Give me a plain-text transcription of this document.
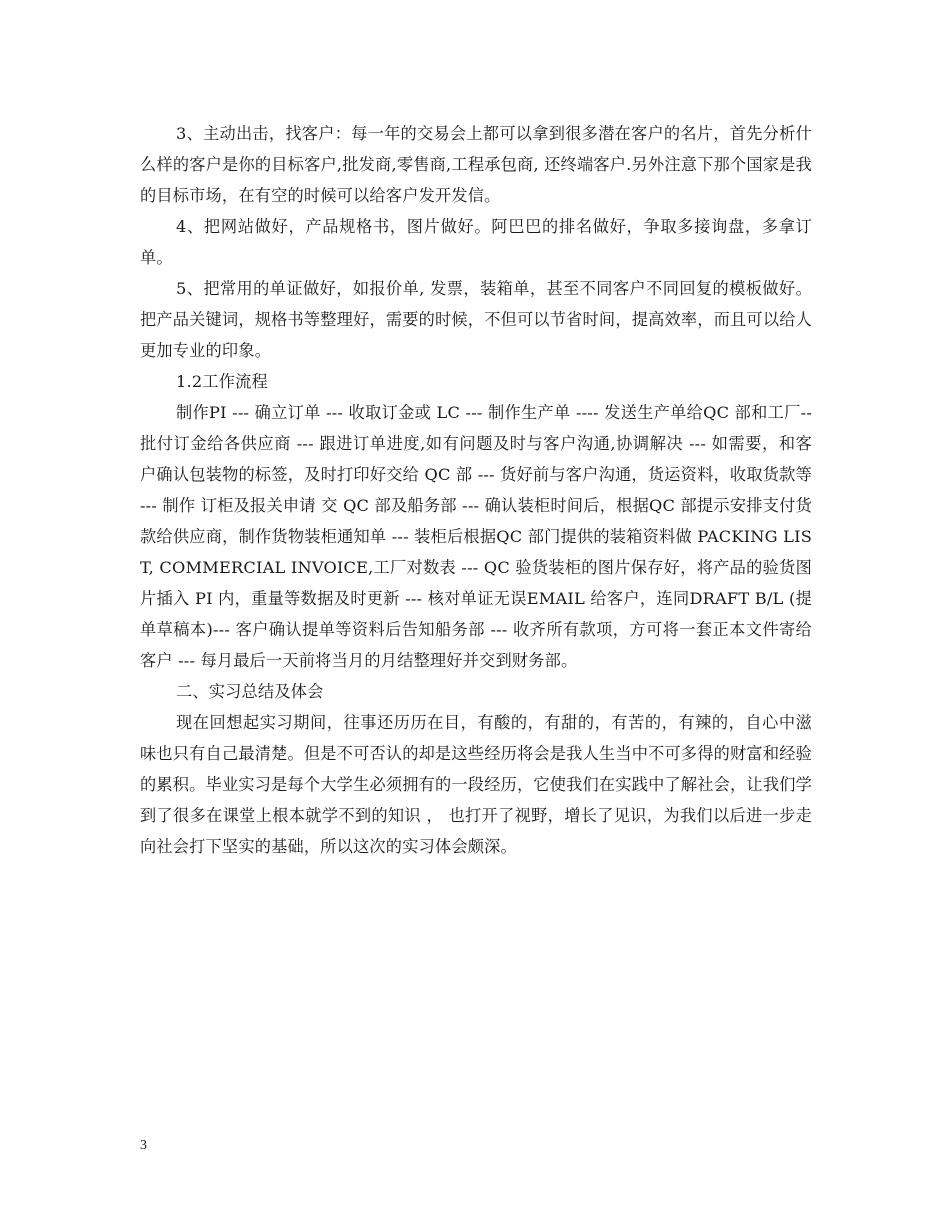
3、主动出击，找客户：每一年的交易会上都可以拿到很多潜在客户的名片，首先分析什么样的客户是你的目标客户,批发商,零售商,工程承包商, 还终端客户.另外注意下那个国家是我的目标市场，在有空的时候可以给客户发开发信。

4、把网站做好，产品规格书，图片做好。阿巴巴的排名做好，争取多接询盘，多拿订单。

5、把常用的单证做好，如报价单, 发票，装箱单，甚至不同客户不同回复的模板做好。把产品关键词，规格书等整理好，需要的时候，不但可以节省时间，提高效率，而且可以给人更加专业的印象。

1.2工作流程

制作PI --- 确立订单 --- 收取订金或 LC --- 制作生产单 ---- 发送生产单给QC 部和工厂-- 批付订金给各供应商 --- 跟进订单进度,如有问题及时与客户沟通,协调解决 --- 如需要，和客户确认包装物的标签，及时打印好交给 QC 部 --- 货好前与客户沟通，货运资料，收取货款等 --- 制作 订柜及报关申请 交 QC 部及船务部 --- 确认装柜时间后，根据QC 部提示安排支付货款给供应商，制作货物装柜通知单 --- 装柜后根据QC 部门提供的装箱资料做 PACKING LIST, COMMERCIAL INVOICE,工厂对数表 --- QC 验货装柜的图片保存好，将产品的验货图片插入 PI 内，重量等数据及时更新 --- 核对单证无误EMAIL 给客户，连同DRAFT B/L (提单草稿本)--- 客户确认提单等资料后告知船务部 --- 收齐所有款项，方可将一套正本文件寄给客户 --- 每月最后一天前将当月的月结整理好并交到财务部。

二、实习总结及体会

现在回想起实习期间，往事还历历在目，有酸的，有甜的，有苦的，有辣的，自心中滋味也只有自己最清楚。但是不可否认的却是这些经历将会是我人生当中不可多得的财富和经验的累积。毕业实习是每个大学生必须拥有的一段经历，它使我们在实践中了解社会，让我们学到了很多在课堂上根本就学不到的知识 ， 也打开了视野，增长了见识，为我们以后进一步走向社会打下坚实的基础，所以这次的实习体会颇深。

3
